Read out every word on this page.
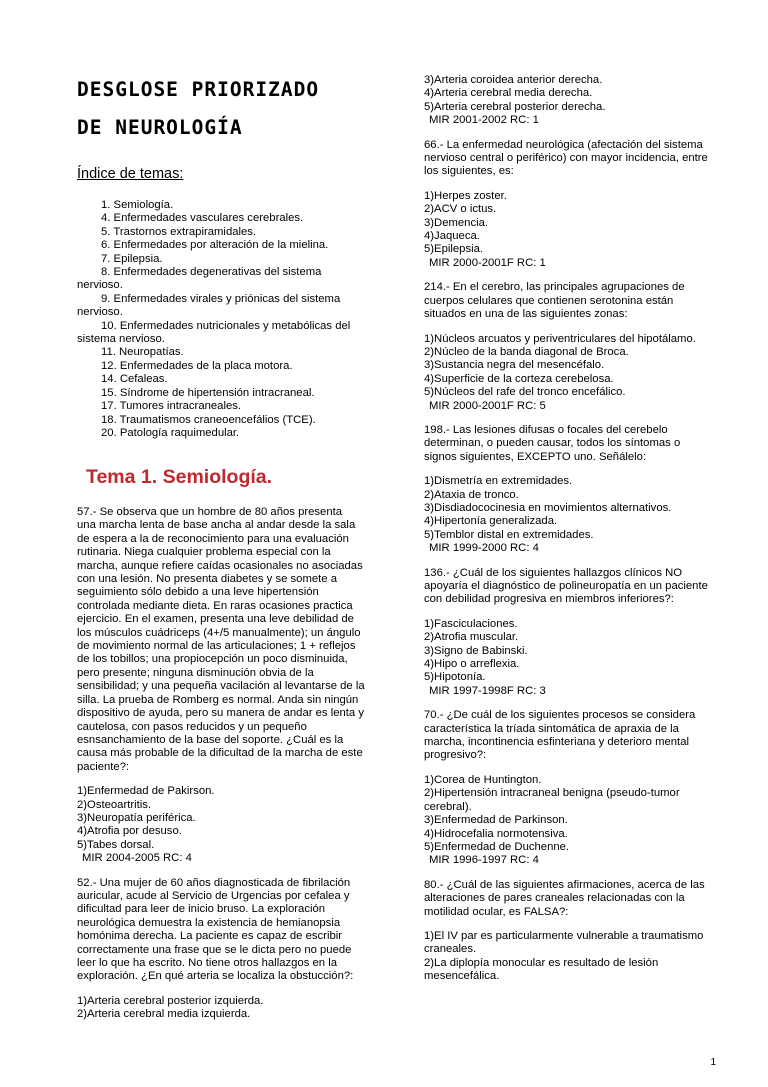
DESGLOSE PRIORIZADO
DE NEUROLOGÍA
Índice de temas:
1. Semiología.
4. Enfermedades vasculares cerebrales.
5. Trastornos extrapiramidales.
6. Enfermedades por alteración de la mielina.
7. Epilepsia.
8. Enfermedades degenerativas del sistema
nervioso.
9. Enfermedades virales y priónicas del sistema
nervioso.
10. Enfermedades nutricionales y metabólicas del
sistema nervioso.
11. Neuropatías.
12. Enfermedades de la placa motora.
14. Cefaleas.
15. Síndrome de hipertensión intracraneal.
17. Tumores intracraneales.
18. Traumatismos craneoencefálios (TCE).
20. Patología raquimedular.
Tema 1. Semiología.
57.- Se observa que un hombre de 80 años presenta
una marcha lenta de base ancha al andar desde la sala
de espera a la de reconocimiento para una evaluación
rutinaria. Niega cualquier problema especial con la
marcha, aunque refiere caídas ocasionales no asociadas
con una lesión. No presenta diabetes y se somete a
seguimiento sólo debido a una leve hipertensión
controlada mediante dieta. En raras ocasiones practica
ejercicio. En el examen, presenta una leve debilidad de
los músculos cuádriceps (4+/5 manualmente); un ángulo
de movimiento normal de las articulaciones; 1 + reflejos
de los tobillos; una propiocepción un poco disminuida,
pero presente; ninguna disminución obvia de la
sensibilidad; y una pequeña vacilación al levantarse de la
silla. La prueba de Romberg es normal. Anda sin ningún
dispositivo de ayuda, pero su manera de andar es lenta y
cautelosa, con pasos reducidos y un pequeño
esnsanchamiento de la base del soporte. ¿Cuál es la
causa más probable de la dificultad de la marcha de este
paciente?:
1)Enfermedad de Pakirson.
2)Osteoartritis.
3)Neuropatía periférica.
4)Atrofia por desuso.
5)Tabes dorsal.
MIR 2004-2005 RC: 4
52.- Una mujer de 60 años diagnosticada de fibrilación
auricular, acude al Servicio de Urgencias por cefalea y
dificultad para leer de inicio bruso. La exploración
neurológica demuestra la existencia de hemianopsia
homónima derecha. La paciente es capaz de escribir
correctamente una frase que se le dicta pero no puede
leer lo que ha escrito. No tiene otros hallazgos en la
exploración. ¿En qué arteria se localiza la obstucción?:
1)Arteria cerebral posterior izquierda.
2)Arteria cerebral media izquierda.
3)Arteria coroidea anterior derecha.
4)Arteria cerebral media derecha.
5)Arteria cerebral posterior derecha.
MIR 2001-2002 RC: 1
66.- La enfermedad neurológica (afectación del sistema
nervioso central o periférico) con mayor incidencia, entre
los siguientes, es:
1)Herpes zoster.
2)ACV o ictus.
3)Demencia.
4)Jaqueca.
5)Epilepsia.
MIR 2000-2001F RC: 1
214.- En el cerebro, las principales agrupaciones de
cuerpos celulares que contienen serotonina están
situados en una de las siguientes zonas:
1)Núcleos arcuatos y periventriculares del hipotálamo.
2)Núcleo de la banda diagonal de Broca.
3)Sustancia negra del mesencéfalo.
4)Superficie de la corteza cerebelosa.
5)Núcleos del rafe del tronco encefálico.
MIR 2000-2001F RC: 5
198.- Las lesiones difusas o focales del cerebelo
determinan, o pueden causar, todos los síntomas o
signos siguientes, EXCEPTO uno. Señálelo:
1)Dismetría en extremidades.
2)Ataxia de tronco.
3)Disdiadococinesia en movimientos alternativos.
4)Hipertonía generalizada.
5)Temblor distal en extremidades.
MIR 1999-2000 RC: 4
136.- ¿Cuál de los siguientes hallazgos clínicos NO
apoyaría el diagnóstico de polineuropatía en un paciente
con debilidad progresiva en miembros inferiores?:
1)Fasciculaciones.
2)Atrofia muscular.
3)Signo de Babinski.
4)Hipo o arreflexia.
5)Hipotonía.
MIR 1997-1998F RC: 3
70.- ¿De cuál de los siguientes procesos se considera
característica la tríada sintomática de apraxia de la
marcha, incontinencia esfinteriana y deterioro mental
progresivo?:
1)Corea de Huntington.
2)Hipertensión intracraneal benigna (pseudo-tumor
cerebral).
3)Enfermedad de Parkinson.
4)Hidrocefalia normotensiva.
5)Enfermedad de Duchenne.
MIR 1996-1997 RC: 4
80.- ¿Cuál de las siguientes afirmaciones, acerca de las
alteraciones de pares craneales relacionadas con la
motilidad ocular, es FALSA?:
1)El IV par es particularmente vulnerable a traumatismo
craneales.
2)La diplopía monocular es resultado de lesión
mesencefálica.
1
